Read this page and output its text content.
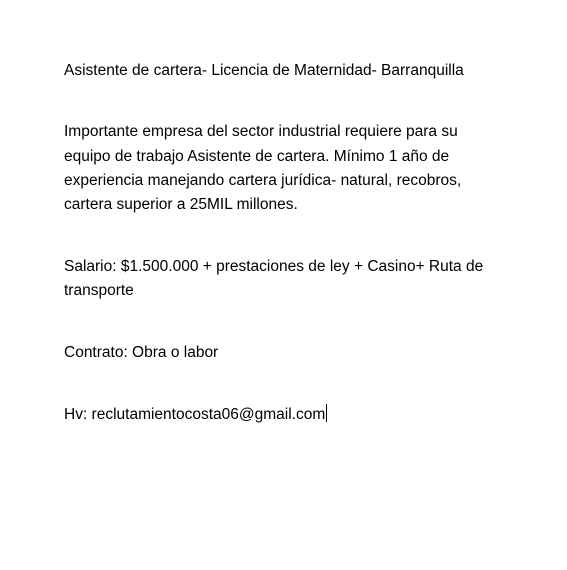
Asistente de cartera- Licencia de Maternidad- Barranquilla
Importante empresa del sector industrial requiere para su
equipo de trabajo Asistente de cartera. Mínimo 1 año de
experiencia manejando cartera jurídica- natural, recobros,
cartera superior a 25MIL millones.
Salario: $1.500.000 + prestaciones de ley + Casino+ Ruta de
transporte
Contrato: Obra o labor
Hv: reclutamientocosta06@gmail.com
